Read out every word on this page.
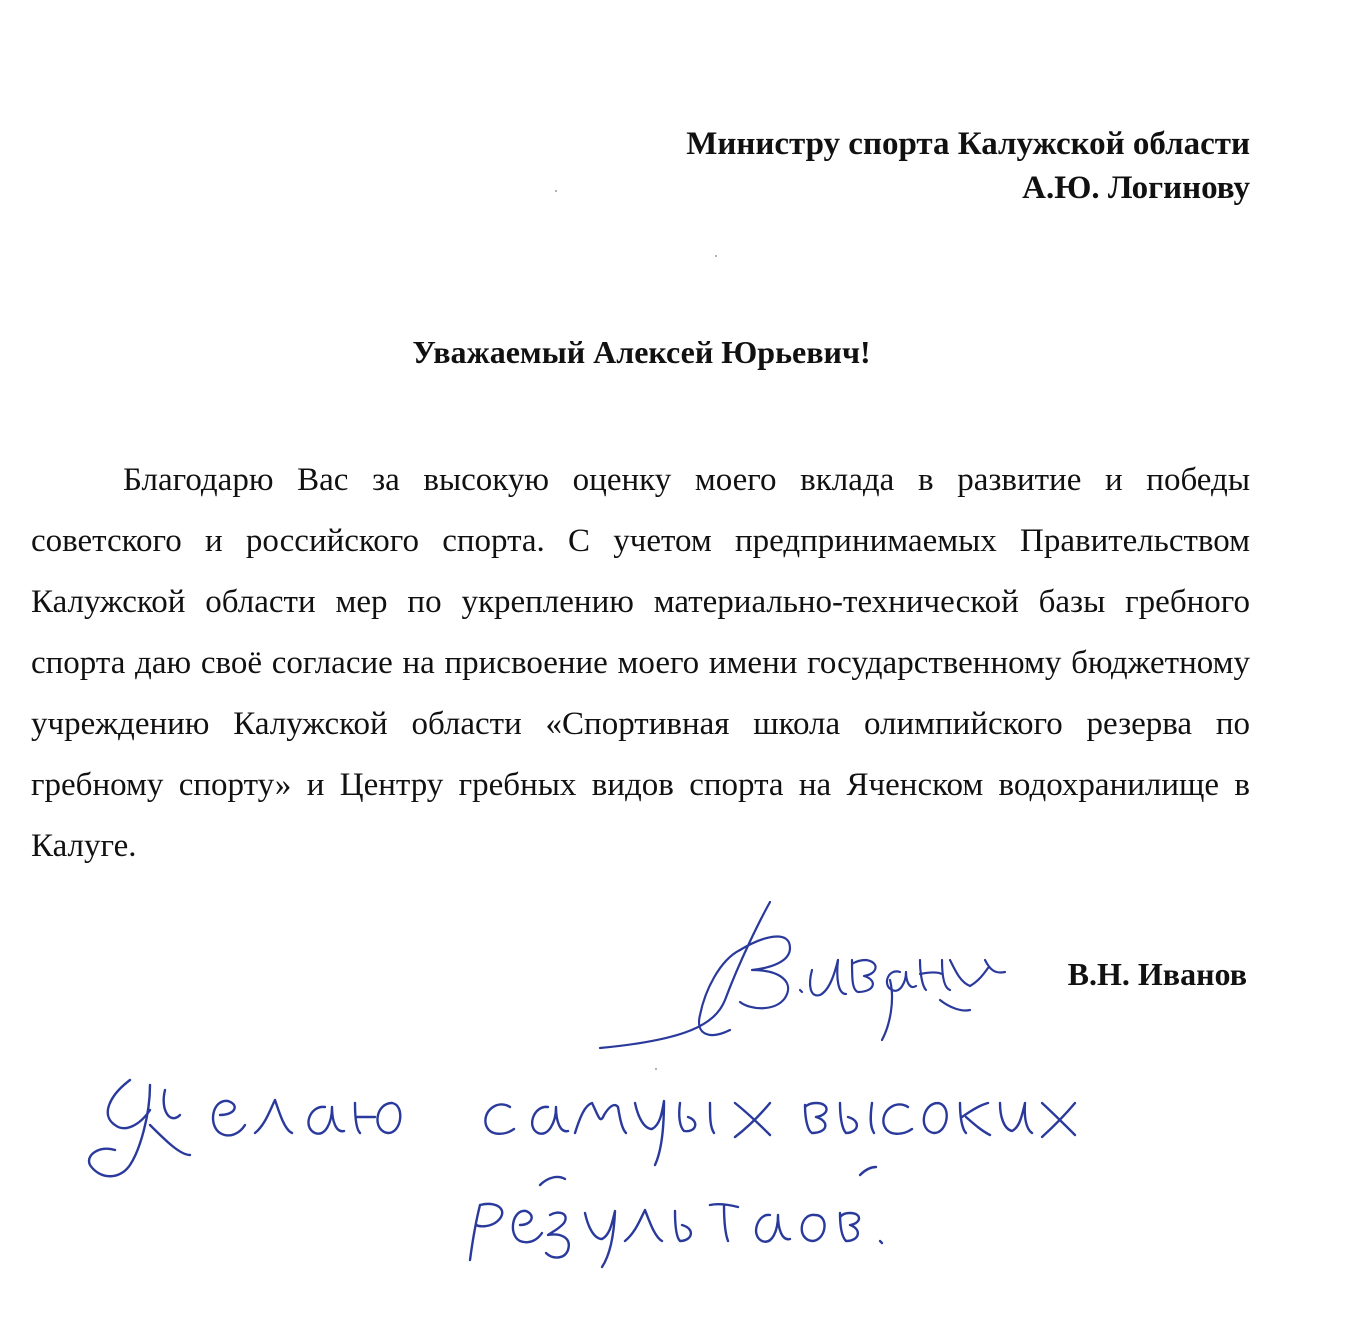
Министру спорта Калужской области
А.Ю. Логинову
Уважаемый Алексей Юрьевич!

Благодарю Вас за высокую оценку моего вклада в развитие и победы советского и российского спорта. С учетом предпринимаемых Правительством Калужской области мер по укреплению материально-технической базы гребного спорта даю своё согласие на присвоение моего имени государственному бюджетному учреждению Калужской области «Спортивная школа олимпийского резерва по гребному спорту» и Центру гребных видов спорта на Яченском водохранилище в Калуге.

В.Н. Иванов
